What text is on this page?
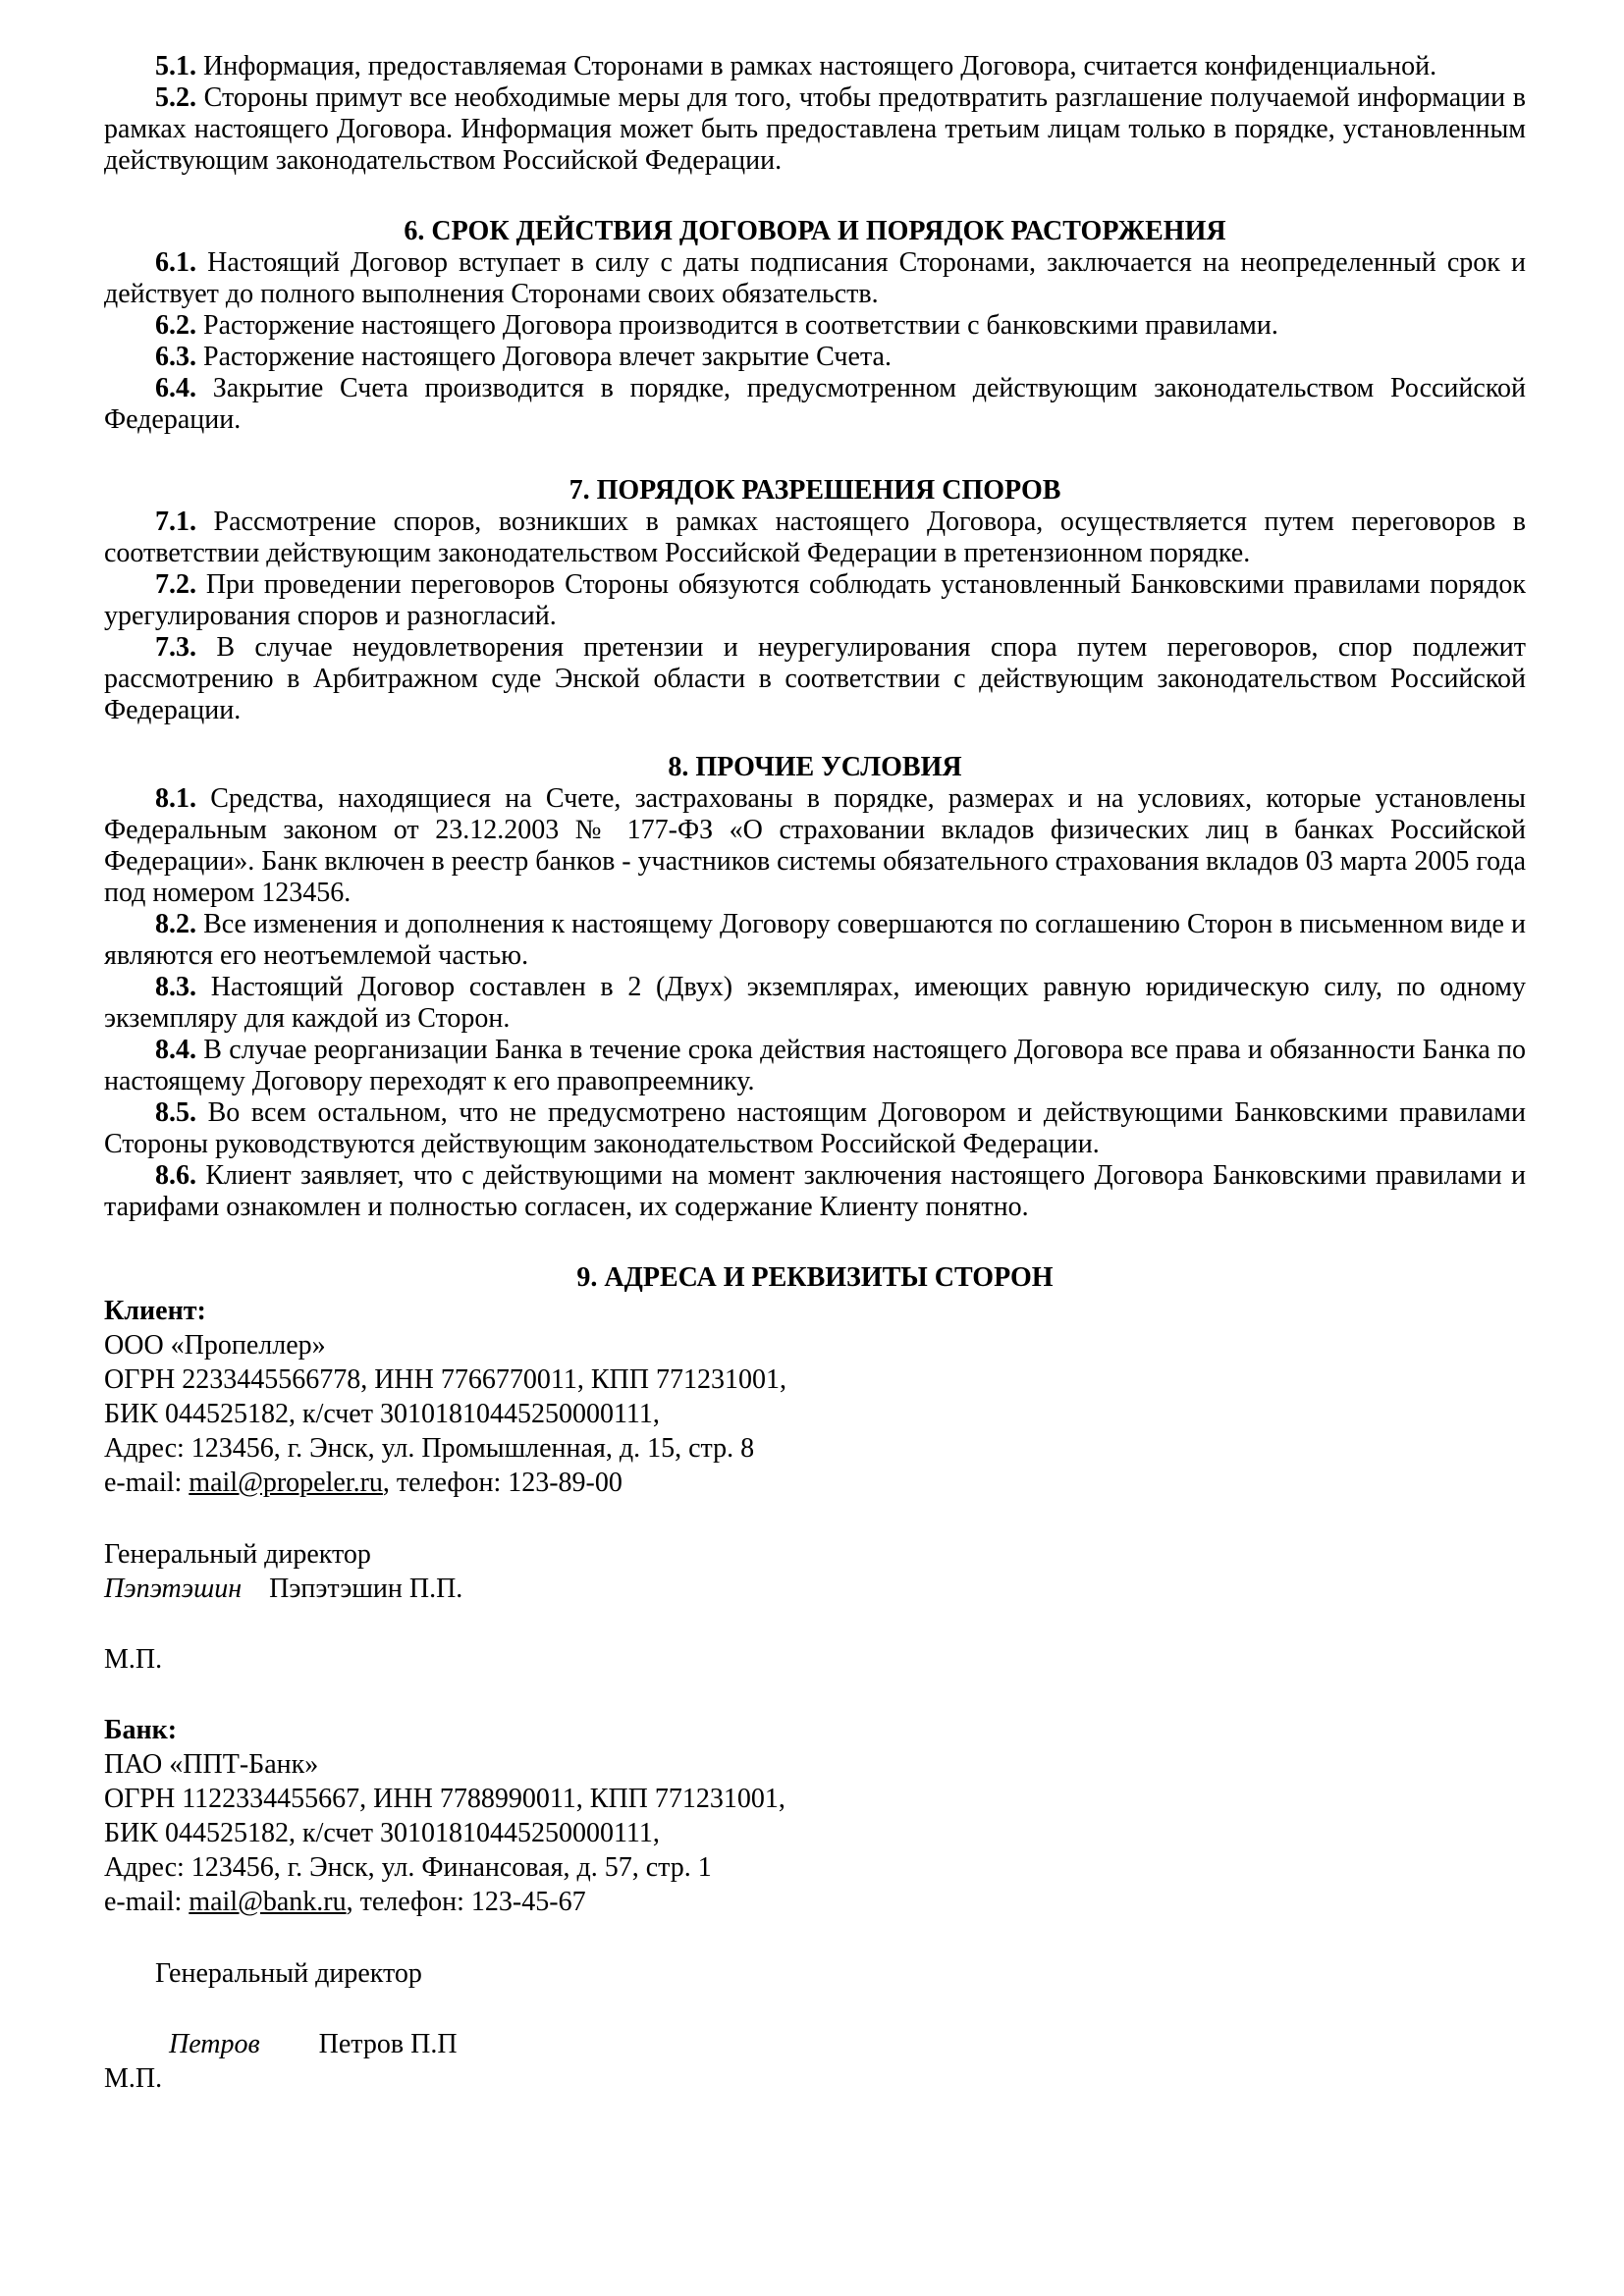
5.1. Информация, предоставляемая Сторонами в рамках настоящего Договора, считается конфиденциальной.

5.2. Стороны примут все необходимые меры для того, чтобы предотвратить разглашение получаемой информации в рамках настоящего Договора. Информация может быть предоставлена третьим лицам только в порядке, установленным действующим законодательством Российской Федерации.

6. СРОК ДЕЙСТВИЯ ДОГОВОРА И ПОРЯДОК РАСТОРЖЕНИЯ

6.1. Настоящий Договор вступает в силу с даты подписания Сторонами, заключается на неопределенный срок и действует до полного выполнения Сторонами своих обязательств.

6.2. Расторжение настоящего Договора производится в соответствии с банковскими правилами.

6.3. Расторжение настоящего Договора влечет закрытие Счета.

6.4. Закрытие Счета производится в порядке, предусмотренном действующим законодательством Российской Федерации.

7. ПОРЯДОК РАЗРЕШЕНИЯ СПОРОВ

7.1. Рассмотрение споров, возникших в рамках настоящего Договора, осуществляется путем переговоров в соответствии действующим законодательством Российской Федерации в претензионном порядке.

7.2. При проведении переговоров Стороны обязуются соблюдать установленный Банковскими правилами порядок урегулирования споров и разногласий.

7.3. В случае неудовлетворения претензии и неурегулирования спора путем переговоров, спор подлежит рассмотрению в Арбитражном суде Энской области в соответствии с действующим законодательством Российской Федерации.

8. ПРОЧИЕ УСЛОВИЯ

8.1. Средства, находящиеся на Счете, застрахованы в порядке, размерах и на условиях, которые установлены Федеральным законом от 23.12.2003 № 177-ФЗ «О страховании вкладов физических лиц в банках Российской Федерации». Банк включен в реестр банков - участников системы обязательного страхования вкладов 03 марта 2005 года под номером 123456.

8.2. Все изменения и дополнения к настоящему Договору совершаются по соглашению Сторон в письменном виде и являются его неотъемлемой частью.

8.3. Настоящий Договор составлен в 2 (Двух) экземплярах, имеющих равную юридическую силу, по одному экземпляру для каждой из Сторон.

8.4. В случае реорганизации Банка в течение срока действия настоящего Договора все права и обязанности Банка по настоящему Договору переходят к его правопреемнику.

8.5. Во всем остальном, что не предусмотрено настоящим Договором и действующими Банковскими правилами Стороны руководствуются действующим законодательством Российской Федерации.

8.6. Клиент заявляет, что с действующими на момент заключения настоящего Договора Банковскими правилами и тарифами ознакомлен и полностью согласен, их содержание Клиенту понятно.

9. АДРЕСА И РЕКВИЗИТЫ СТОРОН

Клиент:

ООО «Пропеллер»

ОГРН 2233445566778, ИНН 7766770011, КПП 771231001,

БИК 044525182, к/счет 30101810445250000111,

Адрес: 123456, г. Энск, ул. Промышленная, д. 15, стр. 8

e-mail: mail@propeler.ru, телефон: 123-89-00

Генеральный директор

Пэпэтэшин Пэпэтэшин П.П.

М.П.

Банк:

ПАО «ППТ-Банк»

ОГРН 1122334455667, ИНН 7788990011, КПП 771231001,

БИК 044525182, к/счет 30101810445250000111,

Адрес: 123456, г. Энск, ул. Финансовая, д. 57, стр. 1

e-mail: mail@bank.ru, телефон: 123-45-67

Генеральный директор

Петров Петров П.П

М.П.
